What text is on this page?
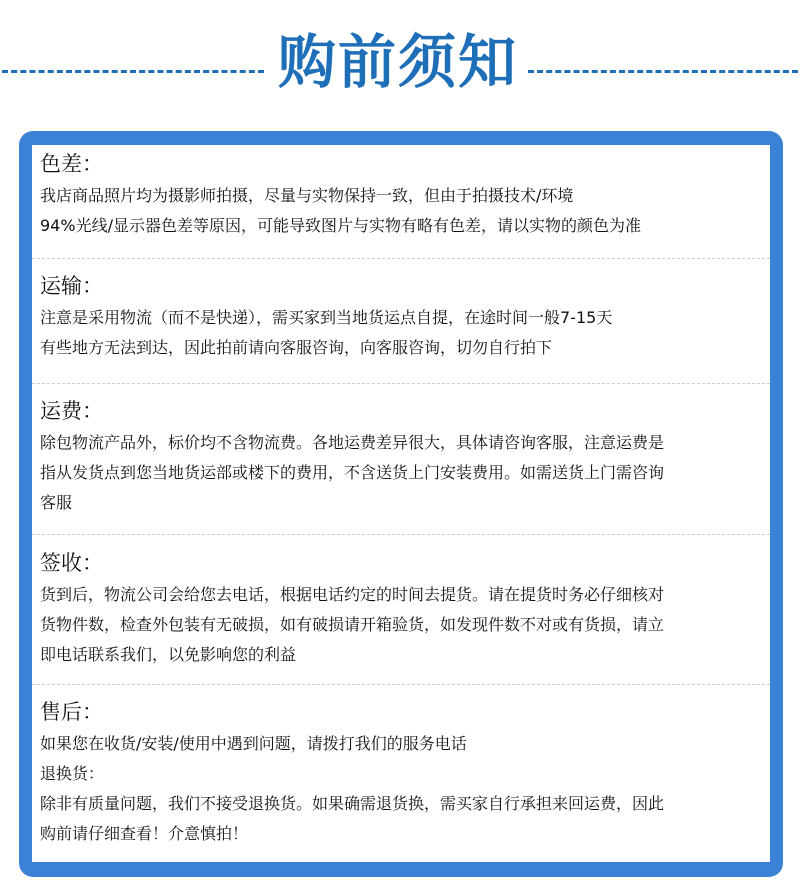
购前须知
色差：
我店商品照片均为摄影师拍摄，尽量与实物保持一致，但由于拍摄技术/环境
94%光线/显示器色差等原因，可能导致图片与实物有略有色差，请以实物的颜色为准
运输：
注意是采用物流（而不是快递），需买家到当地货运点自提，在途时间一般7-15天
有些地方无法到达，因此拍前请向客服咨询，向客服咨询，切勿自行拍下
运费：
除包物流产品外，标价均不含物流费。各地运费差异很大，具体请咨询客服，注意运费是
指从发货点到您当地货运部或楼下的费用，不含送货上门安装费用。如需送货上门需咨询
客服
签收：
货到后，物流公司会给您去电话，根据电话约定的时间去提货。请在提货时务必仔细核对
货物件数，检查外包装有无破损，如有破损请开箱验货，如发现件数不对或有货损，请立
即电话联系我们，以免影响您的利益
售后：
如果您在收货/安装/使用中遇到问题，请拨打我们的服务电话
退换货：
除非有质量问题，我们不接受退换货。如果确需退货换，需买家自行承担来回运费，因此
购前请仔细查看！介意慎拍！
